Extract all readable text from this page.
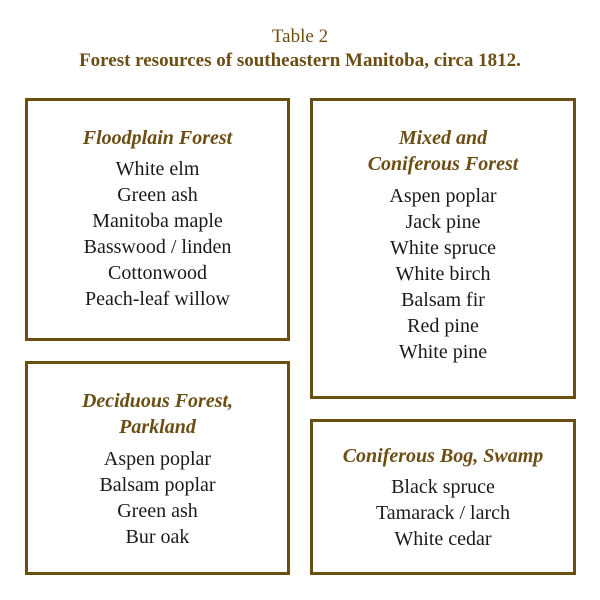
Table 2
Forest resources of southeastern Manitoba, circa 1812.
Floodplain Forest
White elm
Green ash
Manitoba maple
Basswood / linden
Cottonwood
Peach-leaf willow
Mixed and
Coniferous Forest
Aspen poplar
Jack pine
White spruce
White birch
Balsam fir
Red pine
White pine
Deciduous Forest,
Parkland
Aspen poplar
Balsam poplar
Green ash
Bur oak
Coniferous Bog, Swamp
Black spruce
Tamarack / larch
White cedar
